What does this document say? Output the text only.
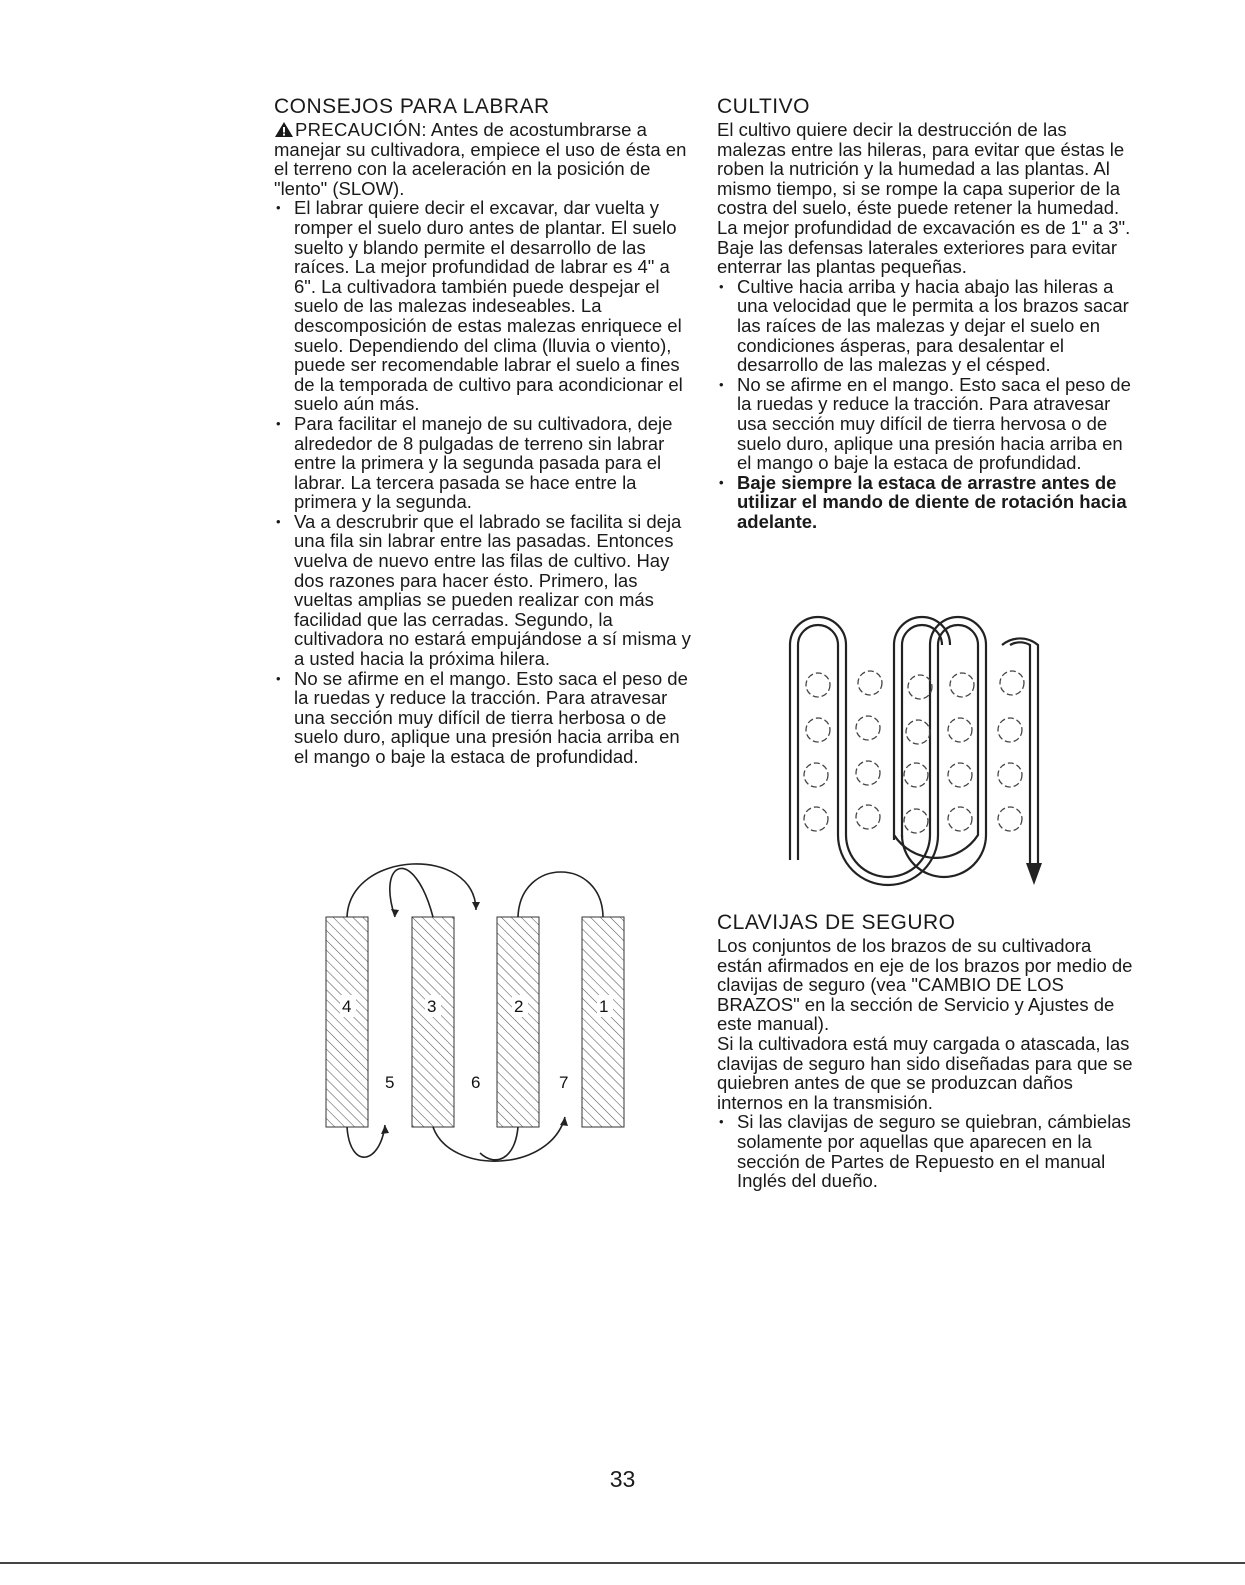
CONSEJOS PARA LABRAR

PRECAUCIÓN: Antes de acostumbrarse a manejar su cultivadora, empiece el uso de ésta en el terreno con la aceleración en la posición de "lento" (SLOW).

• El labrar quiere decir el excavar, dar vuelta y romper el suelo duro antes de plantar. El suelo suelto y blando permite el desarrollo de las raíces. La mejor profundidad de labrar es 4" a 6". La cultivadora también puede despejar el suelo de las malezas indeseables. La descomposición de estas malezas enriquece el suelo. Dependiendo del clima (lluvia o viento), puede ser recomendable labrar el suelo a fines de la temporada de cultivo para acondicionar el suelo aún más.
• Para facilitar el manejo de su cultivadora, deje alrededor de 8 pulgadas de terreno sin labrar entre la primera y la segunda pasada para el labrar. La tercera pasada se hace entre la primera y la segunda.
• Va a descrubrir que el labrado se facilita si deja una fila sin labrar entre las pasadas. Entonces vuelva de nuevo entre las filas de cultivo. Hay dos razones para hacer ésto. Primero, las vueltas amplias se pueden realizar con más facilidad que las cerradas. Segundo, la cultivadora no estará empujándose a sí misma y a usted hacia la próxima hilera.
• No se afirme en el mango. Esto saca el peso de la ruedas y reduce la tracción. Para atravesar una sección muy difícil de tierra herbosa o de suelo duro, aplique una presión hacia arriba en el mango o baje la estaca de profundidad.
4	3	2	1
5	6	7
CULTIVO

El cultivo quiere decir la destrucción de las malezas entre las hileras, para evitar que éstas le roben la nutrición y la humedad a las plantas. Al mismo tiempo, si se rompe la capa superior de la costra del suelo, éste puede retener la humedad. La mejor profundidad de excavación es de 1" a 3". Baje las defensas laterales exteriores para evitar enterrar las plantas pequeñas.

• Cultive hacia arriba y hacia abajo las hileras a una velocidad que le permita a los brazos sacar las raíces de las malezas y dejar el suelo en condiciones ásperas, para desalentar el desarrollo de las malezas y el césped.
• No se afirme en el mango. Esto saca el peso de la ruedas y reduce la tracción. Para atravesar usa sección muy difícil de tierra hervosa o de suelo duro, aplique una presión hacia arriba en el mango o baje la estaca de profundidad.
• Baje siempre la estaca de arrastre antes de utilizar el mando de diente de rotación hacia adelante.
CLAVIJAS DE SEGURO

Los conjuntos de los brazos de su cultivadora están afirmados en eje de los brazos por medio de clavijas de seguro (vea "CAMBIO DE LOS BRAZOS" en la sección de Servicio y Ajustes de este manual).

Si la cultivadora está muy cargada o atascada, las clavijas de seguro han sido diseñadas para que se quiebren antes de que se produzcan daños internos en la transmisión.

• Si las clavijas de seguro se quiebran, cámbielas solamente por aquellas que aparecen en la sección de Partes de Repuesto en el manual Inglés del dueño.
33
